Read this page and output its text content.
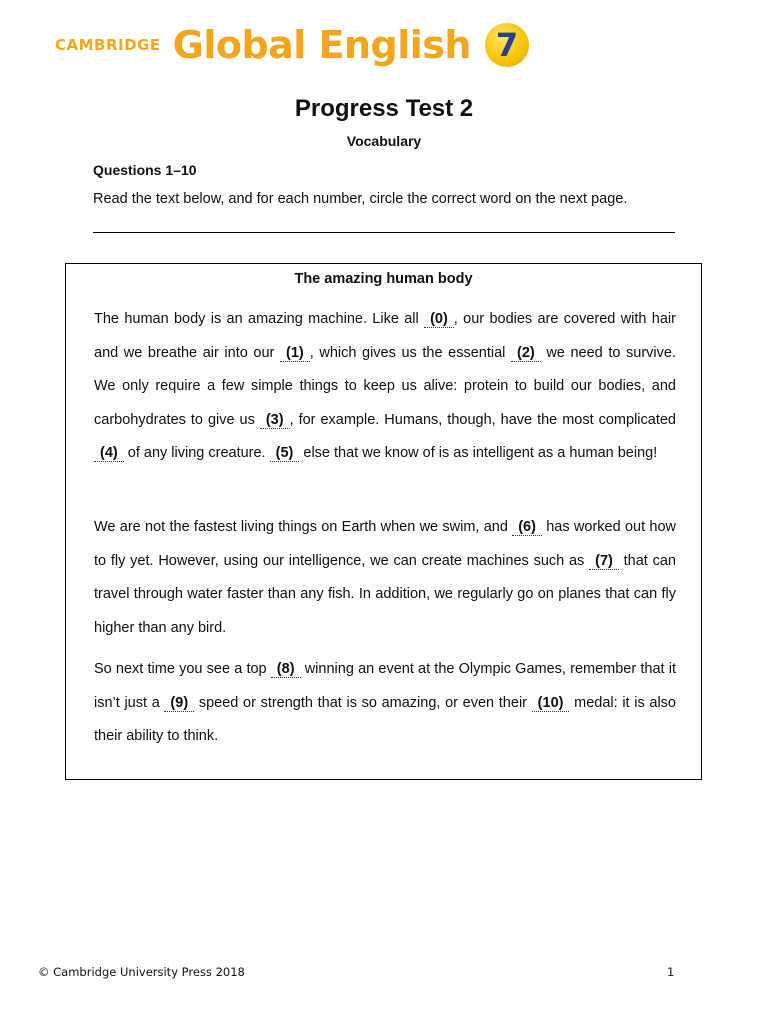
CAMBRIDGE Global English 7
Progress Test 2
Vocabulary
Questions 1–10
Read the text below, and for each number, circle the correct word on the next page.
The amazing human body
The human body is an amazing machine. Like all (0) , our bodies are covered with hair and we breathe air into our (1) , which gives us the essential (2) we need to survive. We only require a few simple things to keep us alive: protein to build our bodies, and carbohydrates to give us (3) , for example. Humans, though, have the most complicated (4) of any living creature. (5) else that we know of is as intelligent as a human being!
We are not the fastest living things on Earth when we swim, and (6) has worked out how to fly yet. However, using our intelligence, we can create machines such as (7) that can travel through water faster than any fish. In addition, we regularly go on planes that can fly higher than any bird.
So next time you see a top (8) winning an event at the Olympic Games, remember that it isn’t just a (9) speed or strength that is so amazing, or even their (10) medal: it is also their ability to think.
© Cambridge University Press 2018	1
